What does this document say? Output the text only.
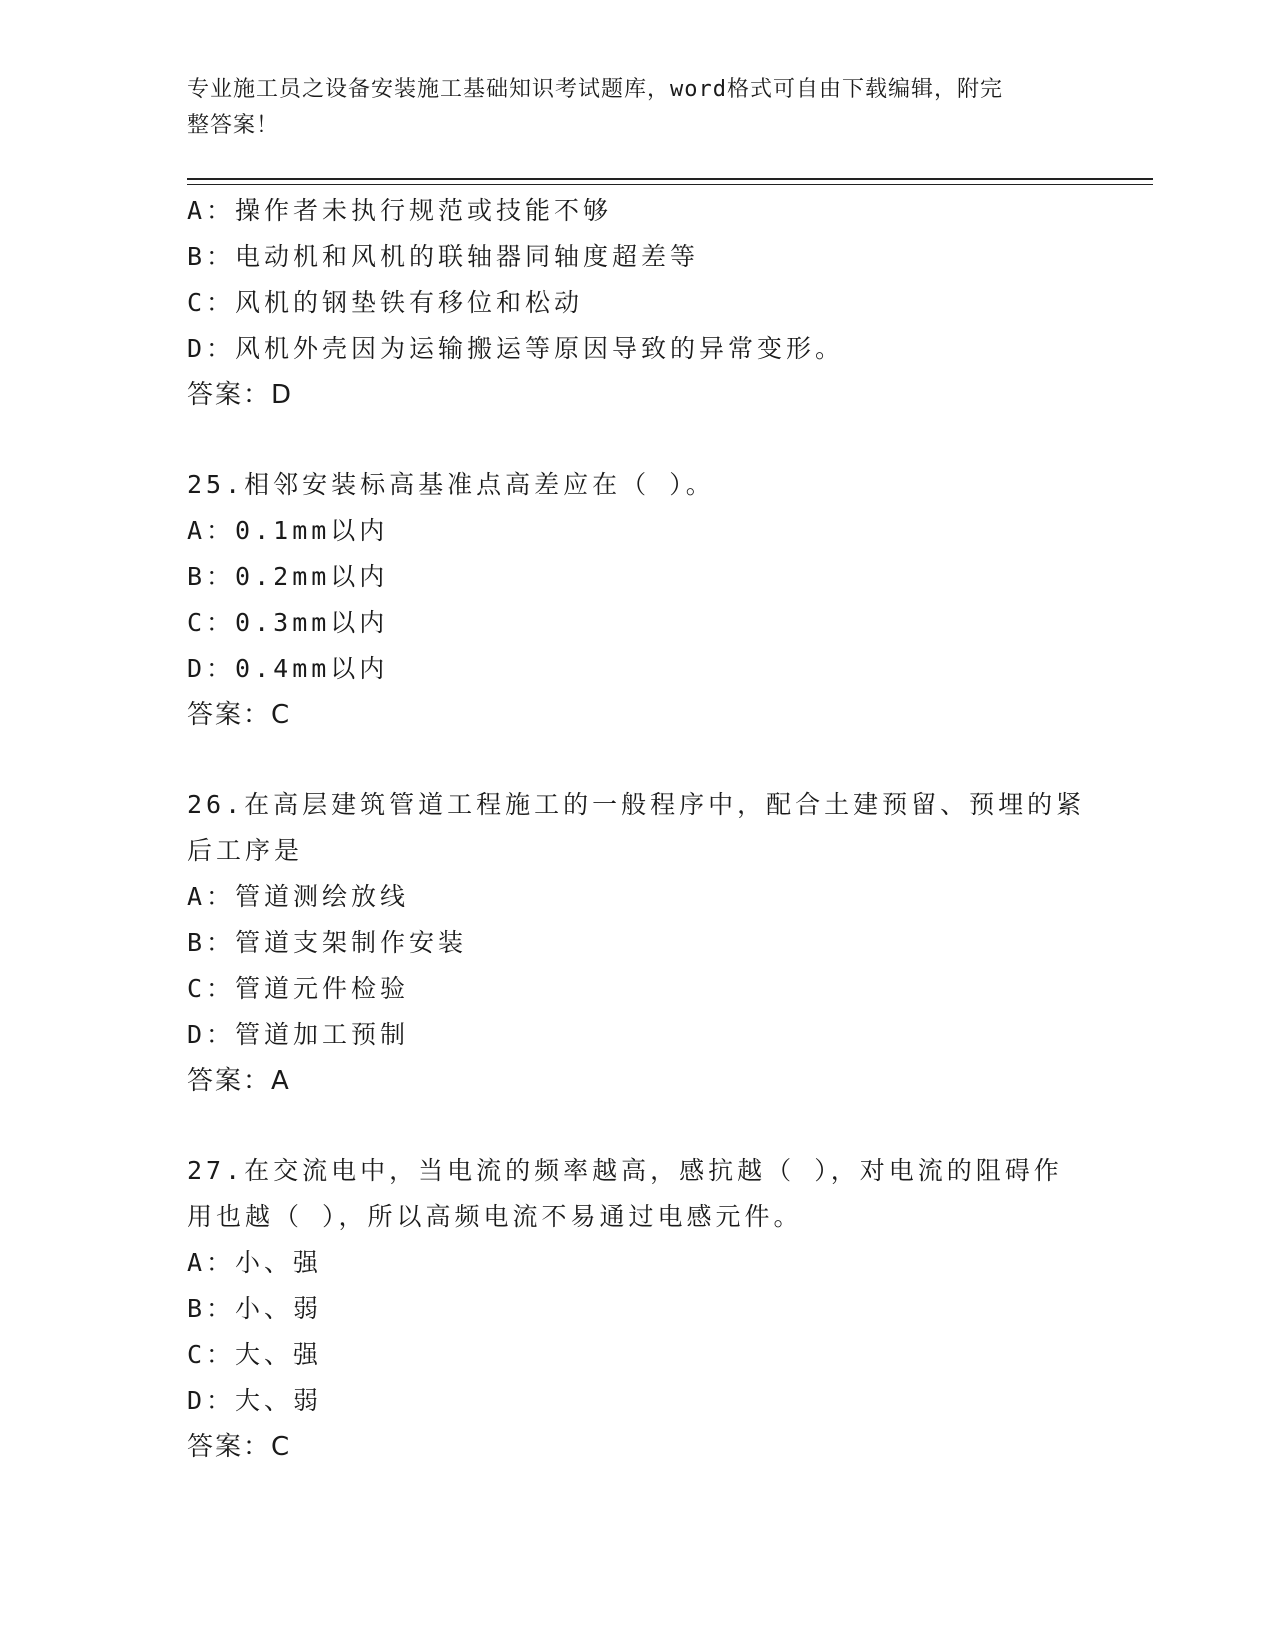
专业施工员之设备安装施工基础知识考试题库，word格式可自由下载编辑，附完
整答案！
A：操作者未执行规范或技能不够
B：电动机和风机的联轴器同轴度超差等
C：风机的钢垫铁有移位和松动
D：风机外壳因为运输搬运等原因导致的异常变形。
答案：D
25.相邻安装标高基准点高差应在（ ）。
A：0.1mm以内
B：0.2mm以内
C：0.3mm以内
D：0.4mm以内
答案：C
26.在高层建筑管道工程施工的一般程序中，配合土建预留、预埋的紧
后工序是
A：管道测绘放线
B：管道支架制作安装
C：管道元件检验
D：管道加工预制
答案：A
27.在交流电中，当电流的频率越高，感抗越（ ），对电流的阻碍作
用也越（ ），所以高频电流不易通过电感元件。
A：小、强
B：小、弱
C：大、强
D：大、弱
答案：C
